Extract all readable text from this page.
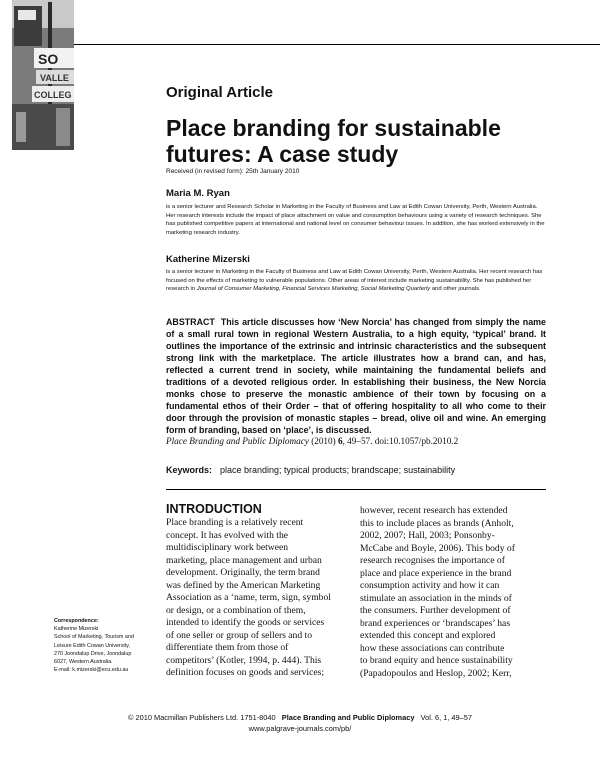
SO
VALLE
COLLEG	Original Article
Place branding for sustainable futures: A case study
Received (in revised form): 25th January 2010
Maria M. Ryan
is a senior lecturer and Research Scholar in Marketing in the Faculty of Business and Law at Edith Cowan University, Perth, Western Australia. Her research interests include the impact of place attachment on value and consumption behaviours using a variety of research techniques. She has published competitive papers at international and national level on consumer behaviour issues. In addition, she has worked extensively in the marketing research industry.
Katherine Mizerski
is a senior lecturer in Marketing in the Faculty of Business and Law at Edith Cowan University, Perth, Western Australia. Her recent research has focused on the effects of marketing to vulnerable populations. Other areas of interest include marketing sustainability. She has published her research in Journal of Consumer Marketing, Financial Services Marketing, Social Marketing Quarterly and other journals.
ABSTRACT This article discusses how ‘New Norcia’ has changed from simply the name of a small rural town in regional Western Australia, to a high equity, ‘typical’ brand. It outlines the importance of the extrinsic and intrinsic characteristics and the subsequent strong link with the marketplace. The article illustrates how a brand can, and has, reflected a current trend in society, while maintaining the fundamental beliefs and traditions of a devoted religious order. In establishing their business, the New Norcia monks chose to preserve the monastic ambience of their town by focusing on a fundamental ethos of their Order – that of offering hospitality to all who come to their door through the provision of monastic staples – bread, olive oil and wine. An emerging form of branding, based on ‘place’, is discussed.
Place Branding and Public Diplomacy (2010) 6, 49–57. doi:10.1057/pb.2010.2
Keywords: place branding; typical products; brandscape; sustainability
INTRODUCTION
Place branding is a relatively recent
concept. It has evolved with the
multidisciplinary work between
marketing, place management and urban
development. Originally, the term brand
was defined by the American Marketing
Association as a ‘name, term, sign, symbol
or design, or a combination of them,
intended to identify the goods or services
of one seller or group of sellers and to
differentiate them from those of
competitors’ (Kotler, 1994, p. 444). This
definition focuses on goods and services;
however, recent research has extended
this to include places as brands (Anholt,
2002, 2007; Hall, 2003; Ponsonby-
McCabe and Boyle, 2006). This body of
research recognises the importance of
place and place experience in the brand
consumption activity and how it can
stimulate an association in the minds of
the consumers. Further development of
brand experiences or ‘brandscapes’ has
extended this concept and explored
how these associations can contribute
to brand equity and hence sustainability
(Papadopoulos and Heslop, 2002; Kerr,
Correspondence:
Katherine Mizerski
School of Marketing, Tourism and
Leisure Edith Cowan University,
270 Joondalup Drive, Joondalup
6027, Western Australia.
E-mail: k.mizerski@ecu.edu.au
© 2010 Macmillan Publishers Ltd. 1751-8040 Place Branding and Public Diplomacy Vol. 6, 1, 49–57
www.palgrave-journals.com/pb/
